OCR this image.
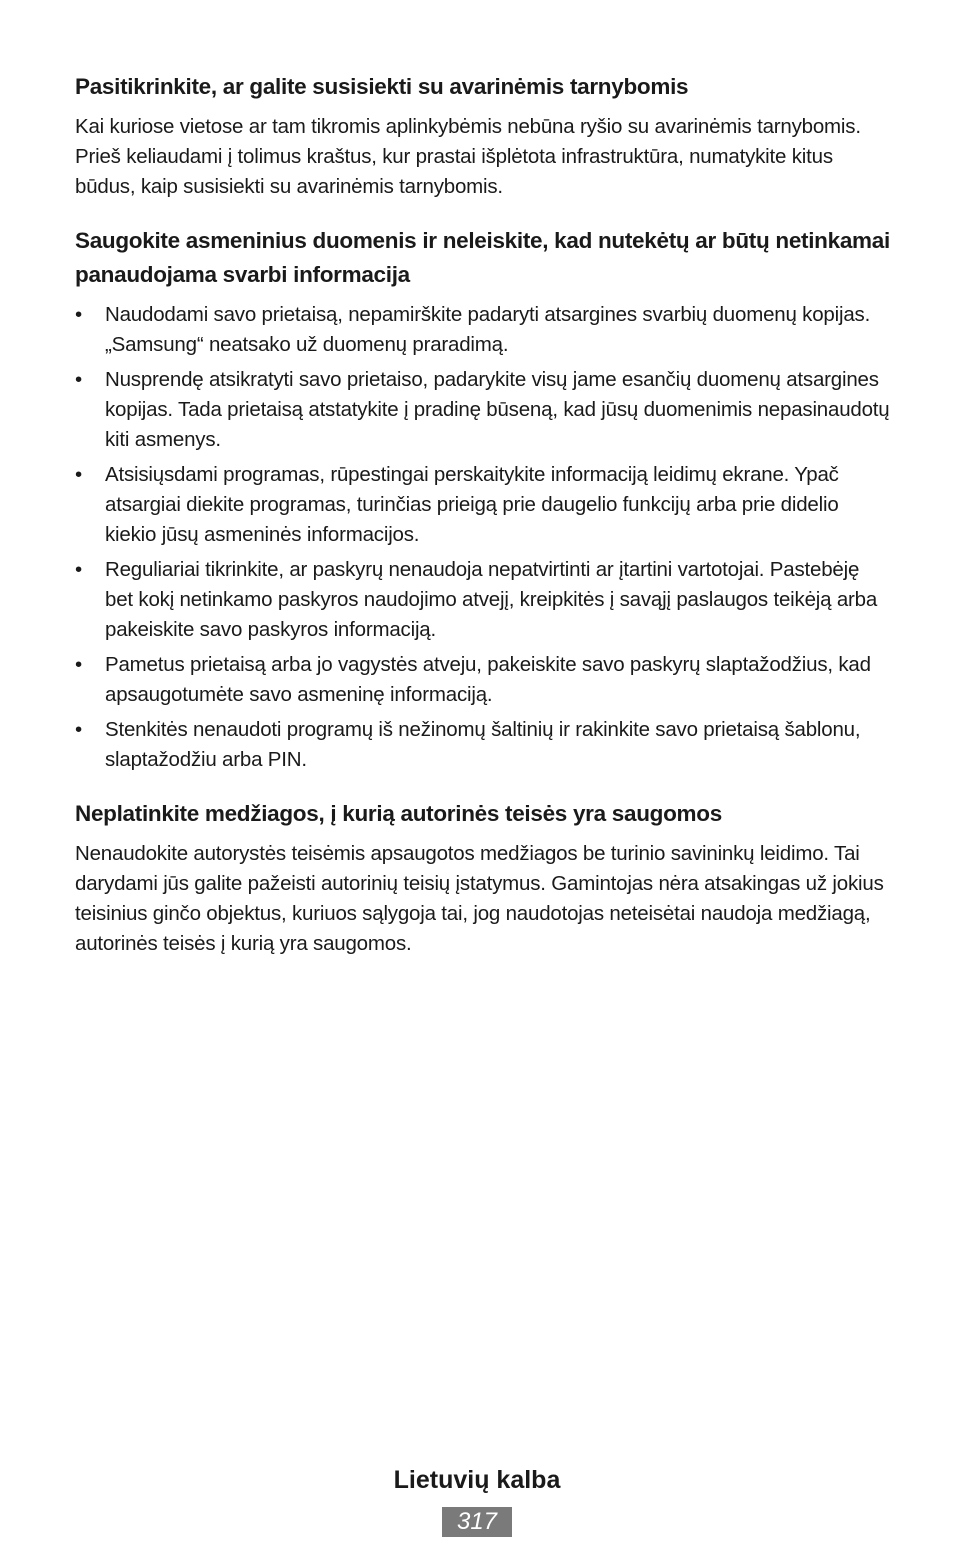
Pasitikrinkite, ar galite susisiekti su avarinėmis tarnybomis

Kai kuriose vietose ar tam tikromis aplinkybėmis nebūna ryšio su avarinėmis tarnybomis. Prieš keliaudami į tolimus kraštus, kur prastai išplėtota infrastruktūra, numatykite kitus būdus, kaip susisiekti su avarinėmis tarnybomis.

Saugokite asmeninius duomenis ir neleiskite, kad nutekėtų ar būtų netinkamai panaudojama svarbi informacija
• Naudodami savo prietaisą, nepamirškite padaryti atsargines svarbių duomenų kopijas. „Samsung“ neatsako už duomenų praradimą.
• Nusprendę atsikratyti savo prietaiso, padarykite visų jame esančių duomenų atsargines kopijas. Tada prietaisą atstatykite į pradinę būseną, kad jūsų duomenimis nepasinaudotų kiti asmenys.
• Atsisiųsdami programas, rūpestingai perskaitykite informaciją leidimų ekrane. Ypač atsargiai diekite programas, turinčias prieigą prie daugelio funkcijų arba prie didelio kiekio jūsų asmeninės informacijos.
• Reguliariai tikrinkite, ar paskyrų nenaudoja nepatvirtinti ar įtartini vartotojai. Pastebėję bet kokį netinkamo paskyros naudojimo atvejį, kreipkitės į savąjį paslaugos teikėją arba pakeiskite savo paskyros informaciją.
• Pametus prietaisą arba jo vagystės atveju, pakeiskite savo paskyrų slaptažodžius, kad apsaugotumėte savo asmeninę informaciją.
• Stenkitės nenaudoti programų iš nežinomų šaltinių ir rakinkite savo prietaisą šablonu, slaptažodžiu arba PIN.
Neplatinkite medžiagos, į kurią autorinės teisės yra saugomos

Nenaudokite autorystės teisėmis apsaugotos medžiagos be turinio savininkų leidimo. Tai darydami jūs galite pažeisti autorinių teisių įstatymus. Gamintojas nėra atsakingas už jokius teisinius ginčo objektus, kuriuos sąlygoja tai, jog naudotojas neteisėtai naudoja medžiagą, autorinės teisės į kurią yra saugomos.

Lietuvių kalba
317
